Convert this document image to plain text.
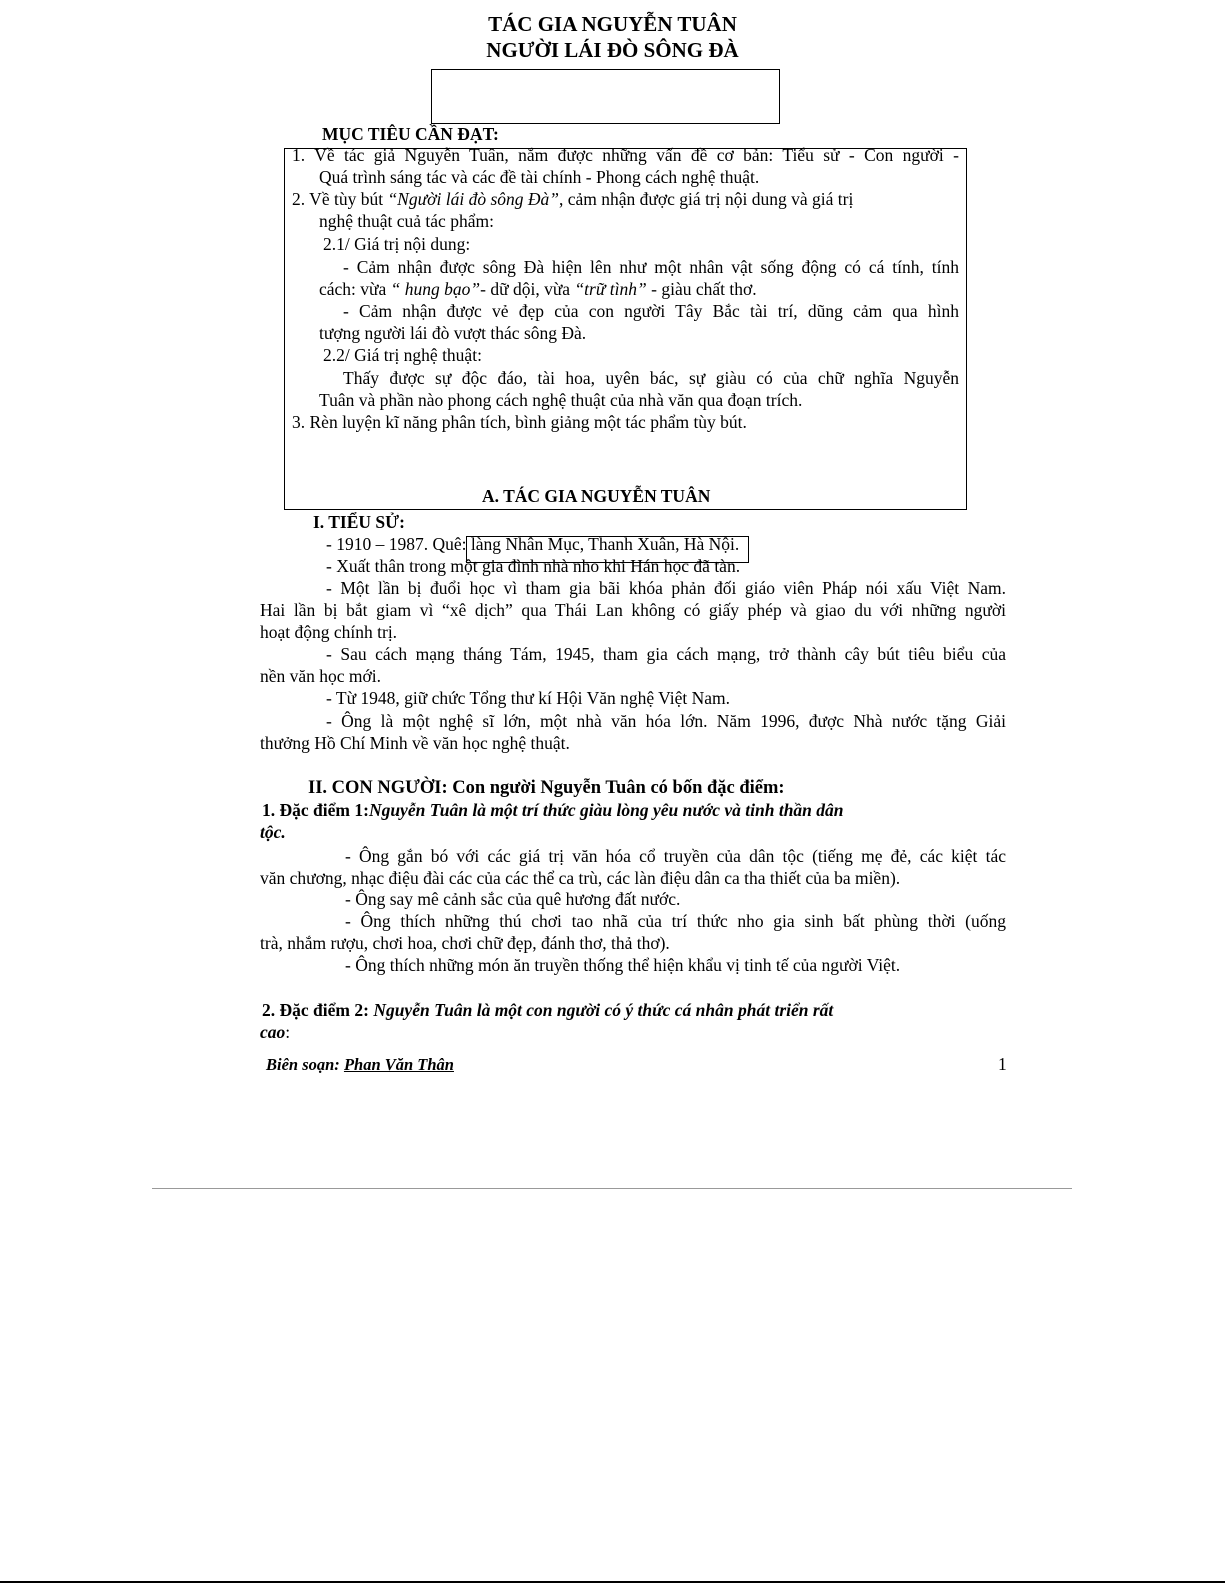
TÁC GIA NGUYỄN TUÂN
NGƯỜI LÁI ĐÒ SÔNG ĐÀ
MỤC TIÊU CẦN ĐẠT:
1. Về tác giả Nguyễn Tuân, nắm được những vấn đề cơ bản: Tiểu sử - Con người -
Quá trình sáng tác và các đề tài chính - Phong cách nghệ thuật.
2. Về tùy bút “Người lái đò sông Đà”, cảm nhận được giá trị nội dung và giá trị
nghệ thuật cuả tác phẩm:
2.1/ Giá trị nội dung:
- Cảm nhận được sông Đà hiện lên như một nhân vật sống động có cá tính, tính
cách: vừa “ hung bạo”- dữ dội, vừa “trữ tình” - giàu chất thơ.
- Cảm nhận được vẻ đẹp của con người Tây Bắc tài trí, dũng cảm qua hình
tượng người lái đò vượt thác sông Đà.
2.2/ Giá trị nghệ thuật:
Thấy được sự độc đáo, tài hoa, uyên bác, sự giàu có của chữ nghĩa Nguyễn
Tuân và phần nào phong cách nghệ thuật của nhà văn qua đoạn trích.
3. Rèn luyện kĩ năng phân tích, bình giảng một tác phẩm tùy bút.
A. TÁC GIA NGUYỄN TUÂN
I. TIỂU SỬ:
- 1910 – 1987. Quê: làng Nhân Mục, Thanh Xuân, Hà Nội.
- Xuất thân trong một gia đình nhà nho khi Hán học đã tàn.
- Một lần bị đuổi học vì tham gia bãi khóa phản đối giáo viên Pháp nói xấu Việt Nam.
Hai lần bị bắt giam vì “xê dịch” qua Thái Lan không có giấy phép và giao du với những người
hoạt động chính trị.
- Sau cách mạng tháng Tám, 1945, tham gia cách mạng, trở thành cây bút tiêu biểu của
nền văn học mới.
- Từ 1948, giữ chức Tổng thư kí Hội Văn nghệ Việt Nam.
- Ông là một nghệ sĩ lớn, một nhà văn hóa lớn. Năm 1996, được Nhà nước tặng Giải
thưởng Hồ Chí Minh về văn học nghệ thuật.
II. CON NGƯỜI: Con người Nguyễn Tuân có bốn đặc điểm:
1. Đặc điểm 1:Nguyễn Tuân là một trí thức giàu lòng yêu nước và tinh thần dân
tộc.
- Ông gắn bó với các giá trị văn hóa cổ truyền của dân tộc (tiếng mẹ đẻ, các kiệt tác
văn chương, nhạc điệu đài các của các thể ca trù, các làn điệu dân ca tha thiết của ba miền).
- Ông say mê cảnh sắc của quê hương đất nước.
- Ông thích những thú chơi tao nhã của trí thức nho gia sinh bất phùng thời (uống
trà, nhắm rượu, chơi hoa, chơi chữ đẹp, đánh thơ, thả thơ).
- Ông thích những món ăn truyền thống thể hiện khẩu vị tinh tế của người Việt.
2. Đặc điểm 2: Nguyễn Tuân là một con người có ý thức cá nhân phát triển rất
cao:
Biên soạn: Phan Văn Thân	1
